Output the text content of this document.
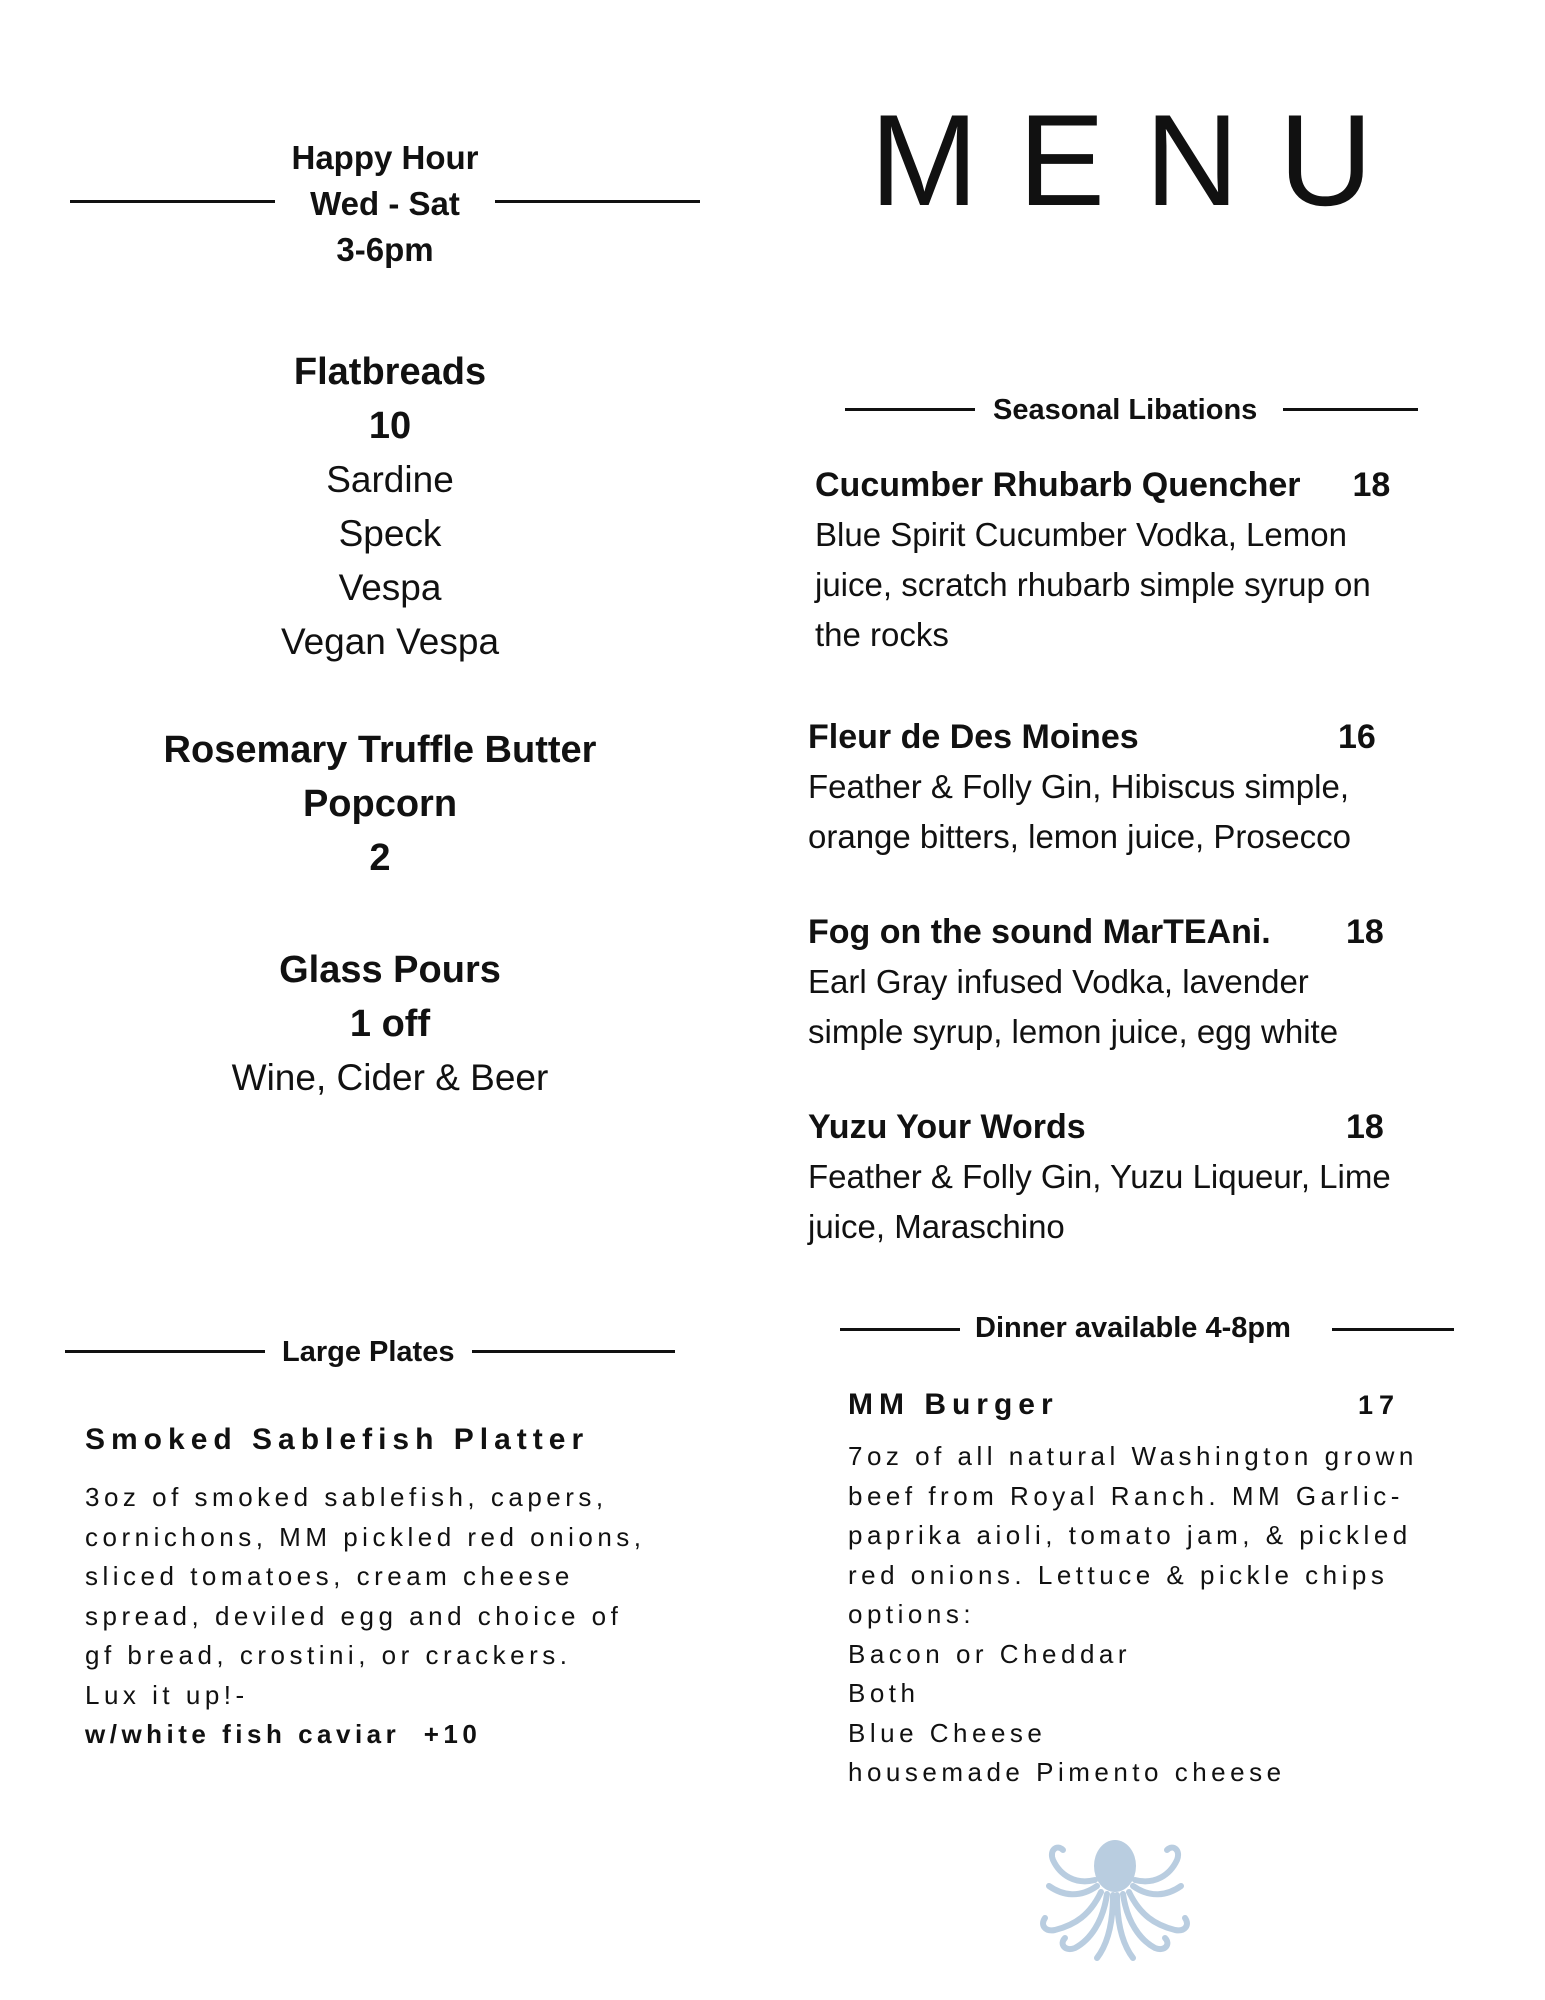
Happy Hour
Wed - Sat
3-6pm
MENU
Flatbreads
10
Sardine
Speck
Vespa
Vegan Vespa
Rosemary Truffle Butter
Popcorn
2
Glass Pours
1 off
Wine, Cider & Beer
Seasonal Libations
Cucumber Rhubarb Quencher 18
Blue Spirit Cucumber Vodka, Lemon
juice, scratch rhubarb simple syrup on
the rocks
Fleur de Des Moines	16
Feather & Folly Gin, Hibiscus simple,
orange bitters, lemon juice, Prosecco
Fog on the sound MarTEAni.	18
Earl Gray infused Vodka, lavender
simple syrup, lemon juice, egg white
Yuzu Your Words	18
Feather & Folly Gin, Yuzu Liqueur, Lime
juice, Maraschino
Large Plates
Smoked Sablefish Platter
3oz of smoked sablefish, capers,
cornichons, MM pickled red onions,
sliced tomatoes, cream cheese
spread, deviled egg and choice of
gf bread, crostini, or crackers.
Lux it up!-
w/white fish caviar  +10
Dinner available 4-8pm
MM Burger	17
7oz of all natural Washington grown
beef from Royal Ranch. MM Garlic-
paprika aioli, tomato jam, & pickled
red onions. Lettuce & pickle chips
options:
Bacon or Cheddar
Both
Blue Cheese
housemade Pimento cheese
